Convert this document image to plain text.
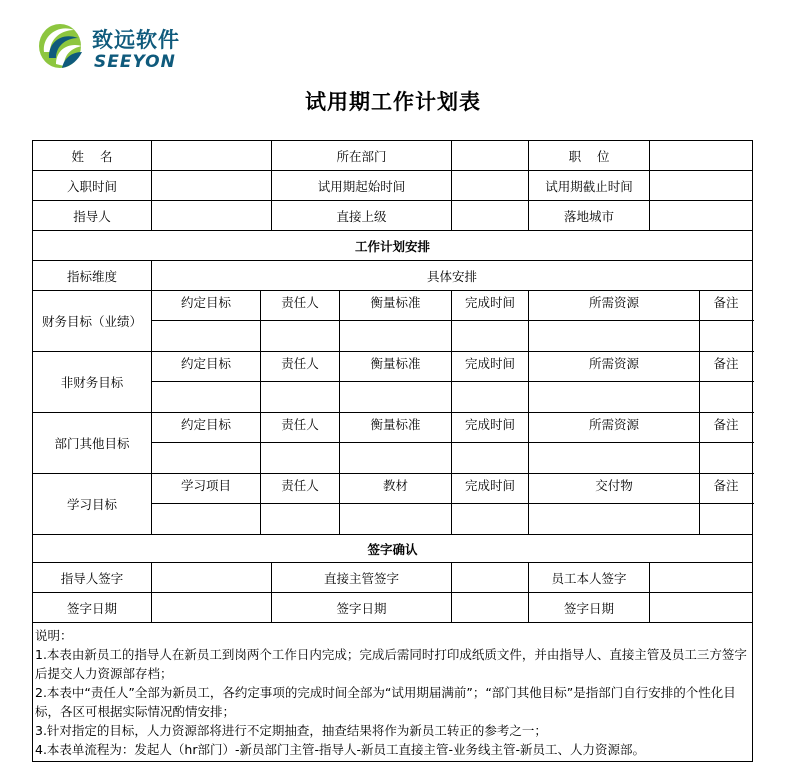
致远软件
SEEYON
试用期工作计划表
姓    名			所在部门			职    位		
入职时间			试用期起始时间			试用期截止时间		
指导人			直接上级			落地城市		
工作计划安排								
指标维度	具体安排							
财务目标（业绩）	约定目标	责任人		衡量标准	完成时间	所需资源		备注

非财务目标	约定目标	责任人		衡量标准	完成时间	所需资源		备注

部门其他目标	约定目标	责任人		衡量标准	完成时间	所需资源		备注

学习目标	学习项目	责任人		教材	完成时间	交付物		备注

签字确认								
指导人签字			直接主管签字			员工本人签字		
签字日期			签字日期			签字日期		

说明：
1.本表由新员工的指导人在新员工到岗两个工作日内完成；完成后需同时打印成纸质文件，并由指导人、直接主管及员工三方签字后提交人力资源部存档；
2.本表中“责任人”全部为新员工，各约定事项的完成时间全部为“试用期届满前”；“部门其他目标”是指部门自行安排的个性化目标，各区可根据实际情况酌情安排；
3.针对指定的目标，人力资源部将进行不定期抽查，抽查结果将作为新员工转正的参考之一；
4.本表单流程为：发起人（hr部门）-新员部门主管-指导人-新员工直接主管-业务线主管-新员工、人力资源部。								
